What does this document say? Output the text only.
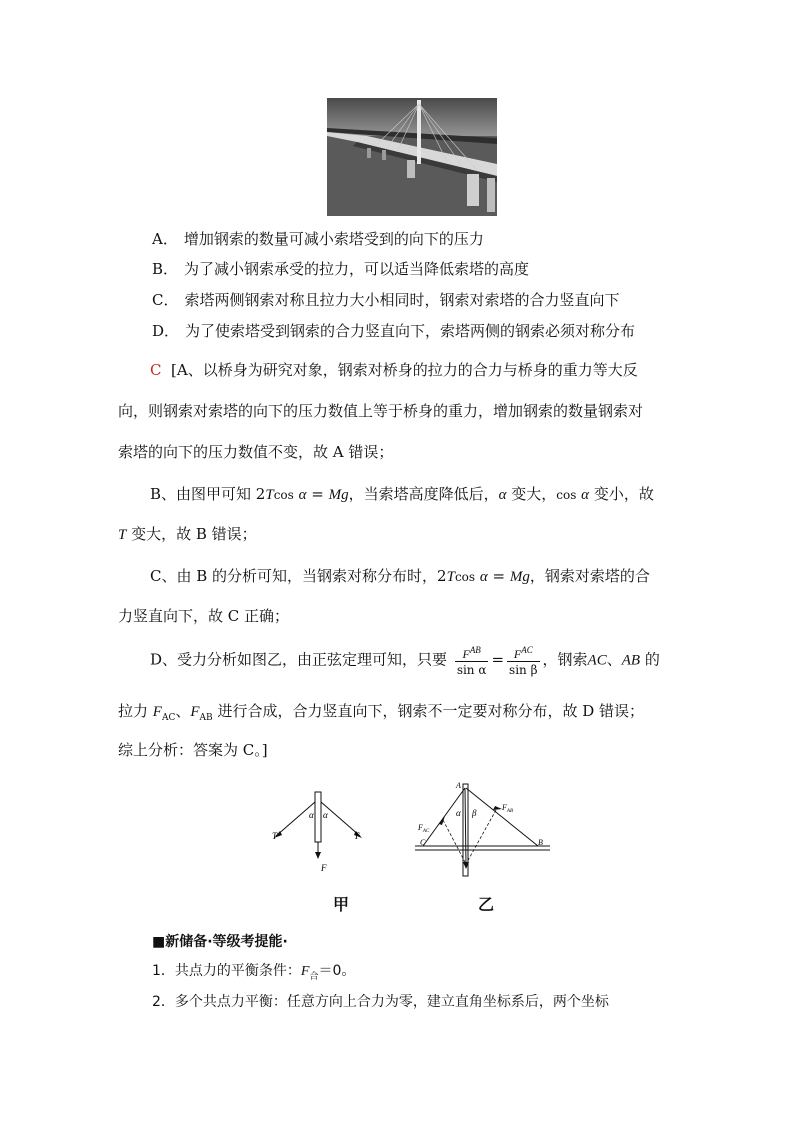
A． 增加钢索的数量可减小索塔受到的向下的压力
B． 为了减小钢索承受的拉力，可以适当降低索塔的高度
C． 索塔两侧钢索对称且拉力大小相同时，钢索对索塔的合力竖直向下
D． 为了使索塔受到钢索的合力竖直向下，索塔两侧的钢索必须对称分布
C [A、以桥身为研究对象，钢索对桥身的拉力的合力与桥身的重力等大反
向，则钢索对索塔的向下的压力数值上等于桥身的重力，增加钢索的数量钢索对
索塔的向下的压力数值不变，故 A 错误；
B、由图甲可知 2Tcos α = Mg，当索塔高度降低后，α 变大，cos α 变小，故
T 变大，故 B 错误；
C、由 B 的分析可知，当钢索对称分布时，2Tcos α = Mg，钢索对索塔的合
力竖直向下，故 C 正确；
D、受力分析如图乙，由正弦定理可知，只要 $\frac{F^{AB}}{\text{sin α}} = \frac{F^{AC}}{\text{sin β}}$ ，钢索AC、AB 的
拉力 $F_{AC}$、$F_{AB}$ 进行合成，合力竖直向下，钢索不一定要对称分布，故 D 错误；
综上分析：答案为 C。]
α α
T	T
F
A
α β
$F_{AB}$
$F_{AC}$
C	B
甲	乙
■新储备·等级考提能·
1．共点力的平衡条件：$F_合=0$。
2．多个共点力平衡：任意方向上合力为零，建立直角坐标系后，两个坐标
